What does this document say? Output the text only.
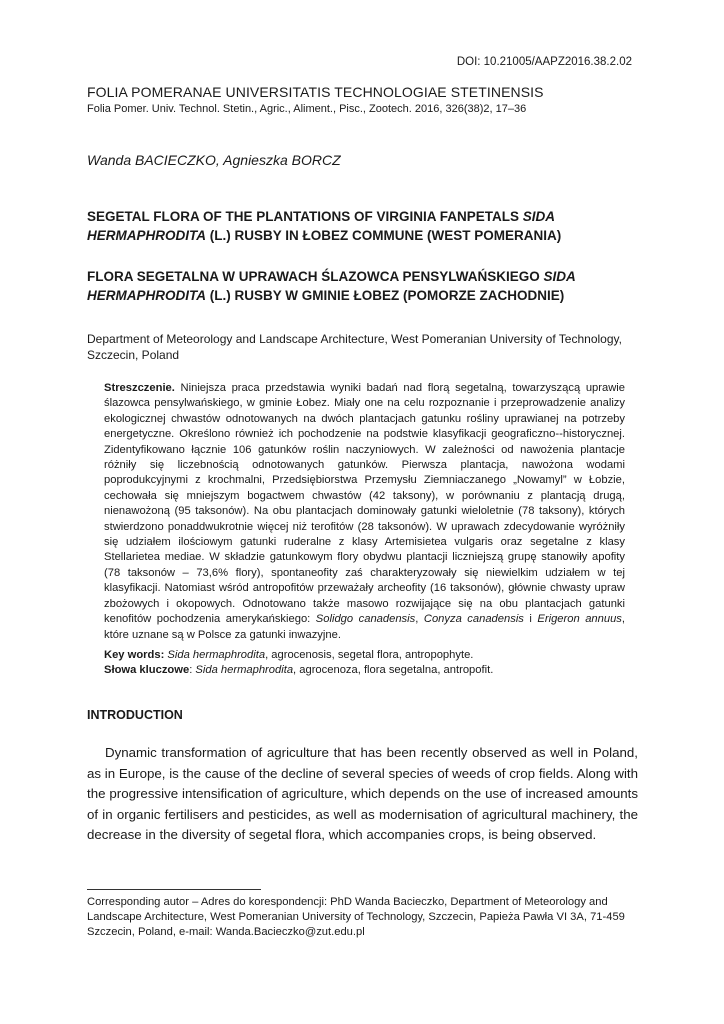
DOI: 10.21005/AAPZ2016.38.2.02
FOLIA POMERANAE UNIVERSITATIS TECHNOLOGIAE STETINENSIS
Folia Pomer. Univ. Technol. Stetin., Agric., Aliment., Pisc., Zootech. 2016, 326(38)2, 17–36
Wanda BACIECZKO, Agnieszka BORCZ
SEGETAL FLORA OF THE PLANTATIONS OF VIRGINIA FANPETALS SIDA HERMAPHRODITA (L.) RUSBY IN ŁOBEZ COMMUNE (WEST POMERANIA)
FLORA SEGETALNA W UPRAWACH ŚLAZOWCA PENSYLWAŃSKIEGO SIDA HERMAPHRODITA (L.) RUSBY W GMINIE ŁOBEZ (POMORZE ZACHODNIE)
Department of Meteorology and Landscape Architecture, West Pomeranian University of Technology, Szczecin, Poland
Streszczenie. Niniejsza praca przedstawia wyniki badań nad florą segetalną, towarzyszącą uprawie ślazowca pensylwańskiego, w gminie Łobez. Miały one na celu rozpoznanie i przeprowadzenie analizy ekologicznej chwastów odnotowanych na dwóch plantacjach gatunku rośliny uprawianej na potrzeby energetyczne. Określono również ich pochodzenie na podstwie klasyfikacji geograficzno--historycznej. Zidentyfikowano łącznie 106 gatunków roślin naczyniowych. W zależności od nawożenia plantacje różniły się liczebnością odnotowanych gatunków. Pierwsza plantacja, nawożona wodami poprodukcyjnymi z krochmalni, Przedsiębiorstwa Przemysłu Ziemniaczanego „Nowamyl” w Łobzie, cechowała się mniejszym bogactwem chwastów (42 taksony), w porównaniu z plantacją drugą, nienawożoną (95 taksonów). Na obu plantacjach dominowały gatunki wieloletnie (78 taksony), których stwierdzono ponaddwukrotnie więcej niż terofitów (28 taksonów). W uprawach zdecydowanie wyróżniły się udziałem ilościowym gatunki ruderalne z klasy Artemisietea vulgaris oraz segetalne z klasy Stellarietea mediae. W składzie gatunkowym flory obydwu plantacji liczniejszą grupę stanowiły apofity (78 taksonów – 73,6% flory), spontaneofity zaś charakteryzowały się niewielkim udziałem w tej klasyfikacji. Natomiast wśród antropofitów przeważały archeofity (16 taksonów), głównie chwasty upraw zbożowych i okopowych. Odnotowano także masowo rozwijające się na obu plantacjach gatunki kenofitów pochodzenia amerykańskiego: Solidgo canadensis, Conyza canadensis i Erigeron annuus, które uznane są w Polsce za gatunki inwazyjne.
Key words: Sida hermaphrodita, agrocenosis, segetal flora, antropophyte.
Słowa kluczowe: Sida hermaphrodita, agrocenoza, flora segetalna, antropofit.
INTRODUCTION
Dynamic transformation of agriculture that has been recently observed as well in Poland, as in Europe, is the cause of the decline of several species of weeds of crop fields. Along with the progressive intensification of agriculture, which depends on the use of increased amounts of in organic fertilisers and pesticides, as well as modernisation of agricultural machinery, the decrease in the diversity of segetal flora, which accompanies crops, is being observed.
Corresponding autor – Adres do korespondencji: PhD Wanda Bacieczko, Department of Meteorology and Landscape Architecture, West Pomeranian University of Technology, Szczecin, Papieża Pawła VI 3A, 71-459 Szczecin, Poland, e-mail: Wanda.Bacieczko@zut.edu.pl
